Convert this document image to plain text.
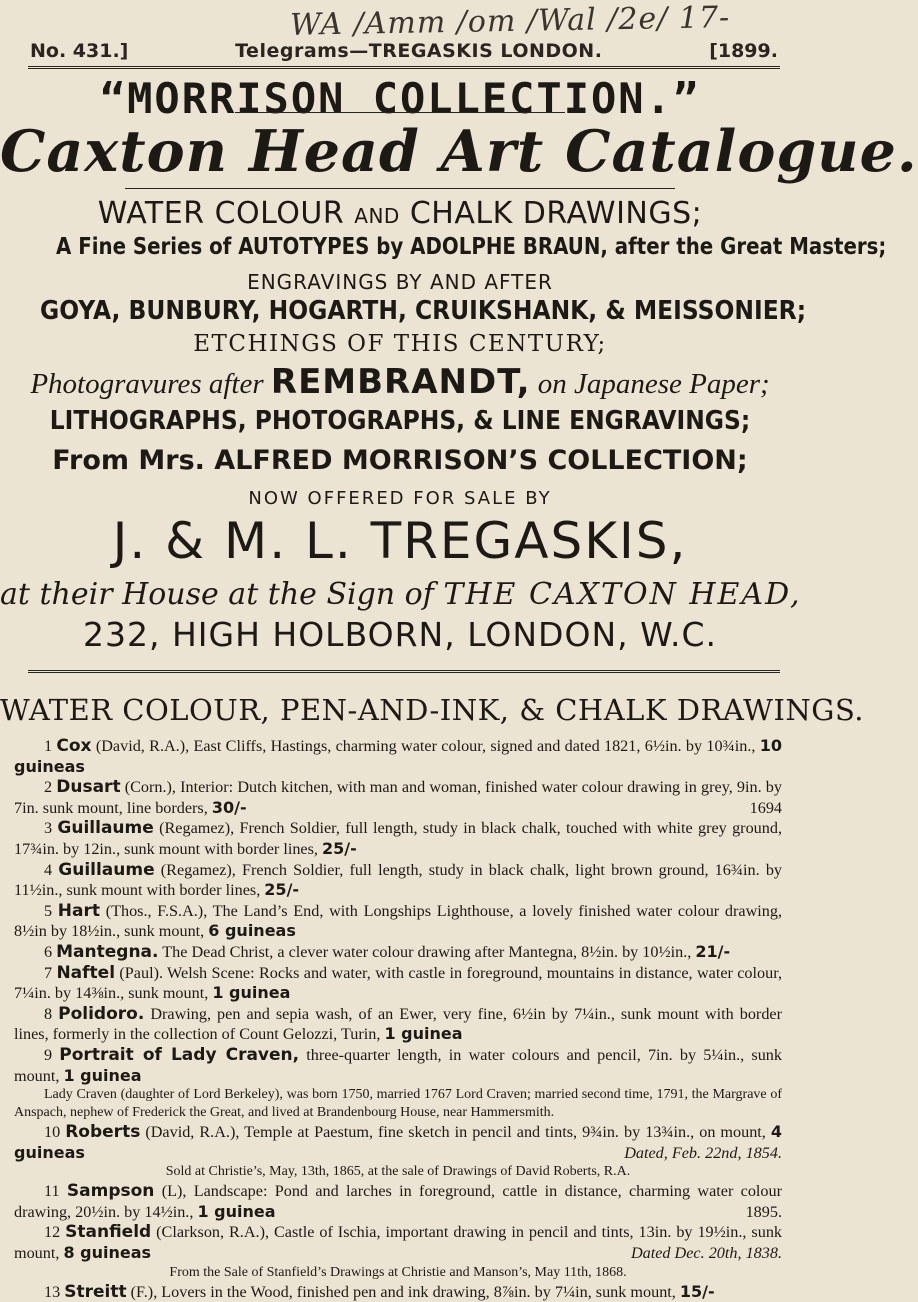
WA /Amm /om /Wal /2e/ 17-
No. 431.]	Telegrams—TREGASKIS LONDON.	[1899.
“MORRISON COLLECTION.”
Caxton Head Art Catalogue.
WATER COLOUR AND CHALK DRAWINGS;
A Fine Series of AUTOTYPES by ADOLPHE BRAUN, after the Great Masters;
ENGRAVINGS BY AND AFTER
GOYA, BUNBURY, HOGARTH, CRUIKSHANK, & MEISSONIER;
ETCHINGS OF THIS CENTURY;
Photogravures after REMBRANDT, on Japanese Paper;
LITHOGRAPHS, PHOTOGRAPHS, & LINE ENGRAVINGS;
From Mrs. ALFRED MORRISON’S COLLECTION;
NOW OFFERED FOR SALE BY
J. & M. L. TREGASKIS,
at their House at the Sign of THE CAXTON HEAD,
232, HIGH HOLBORN, LONDON, W.C.
WATER COLOUR, PEN-AND-INK, & CHALK DRAWINGS.

1 Cox (David, R.A.), East Cliffs, Hastings, charming water colour, signed and dated 1821, 6½in. by 10¾in., 10 guineas

2 Dusart (Corn.), Interior: Dutch kitchen, with man and woman, finished water colour drawing in grey, 9in. by 7in. sunk mount, line borders, 30/-	1694

3 Guillaume (Regamez), French Soldier, full length, study in black chalk, touched with white grey ground, 17¾in. by 12in., sunk mount with border lines, 25/-

4 Guillaume (Regamez), French Soldier, full length, study in black chalk, light brown ground, 16¾in. by 11½in., sunk mount with border lines, 25/-

5 Hart (Thos., F.S.A.), The Land’s End, with Longships Lighthouse, a lovely finished water colour drawing, 8½in by 18½in., sunk mount, 6 guineas

6 Mantegna. The Dead Christ, a clever water colour drawing after Mantegna, 8½in. by 10½in., 21/-

7 Naftel (Paul). Welsh Scene: Rocks and water, with castle in foreground, mountains in distance, water colour, 7¼in. by 14⅜in., sunk mount, 1 guinea

8 Polidoro. Drawing, pen and sepia wash, of an Ewer, very fine, 6½in by 7¼in., sunk mount with border lines, formerly in the collection of Count Gelozzi, Turin, 1 guinea

9 Portrait of Lady Craven, three-quarter length, in water colours and pencil, 7in. by 5¼in., sunk mount, 1 guinea

Lady Craven (daughter of Lord Berkeley), was born 1750, married 1767 Lord Craven; married second time, 1791, the Margrave of Anspach, nephew of Frederick the Great, and lived at Brandenbourg House, near Hammersmith.

10 Roberts (David, R.A.), Temple at Paestum, fine sketch in pencil and tints, 9¾in. by 13¾in., on mount, 4 guineas	Dated, Feb. 22nd, 1854.

Sold at Christie’s, May, 13th, 1865, at the sale of Drawings of David Roberts, R.A.

11 Sampson (L), Landscape: Pond and larches in foreground, cattle in distance, charming water colour drawing, 20½in. by 14½in., 1 guinea	1895.

12 Stanfield (Clarkson, R.A.), Castle of Ischia, important drawing in pencil and tints, 13in. by 19½in., sunk mount, 8 guineas	Dated Dec. 20th, 1838.

From the Sale of Stanfield’s Drawings at Christie and Manson’s, May 11th, 1868.

13 Streitt (F.), Lovers in the Wood, finished pen and ink drawing, 8⅞in. by 7¼in, sunk mount, 15/-
